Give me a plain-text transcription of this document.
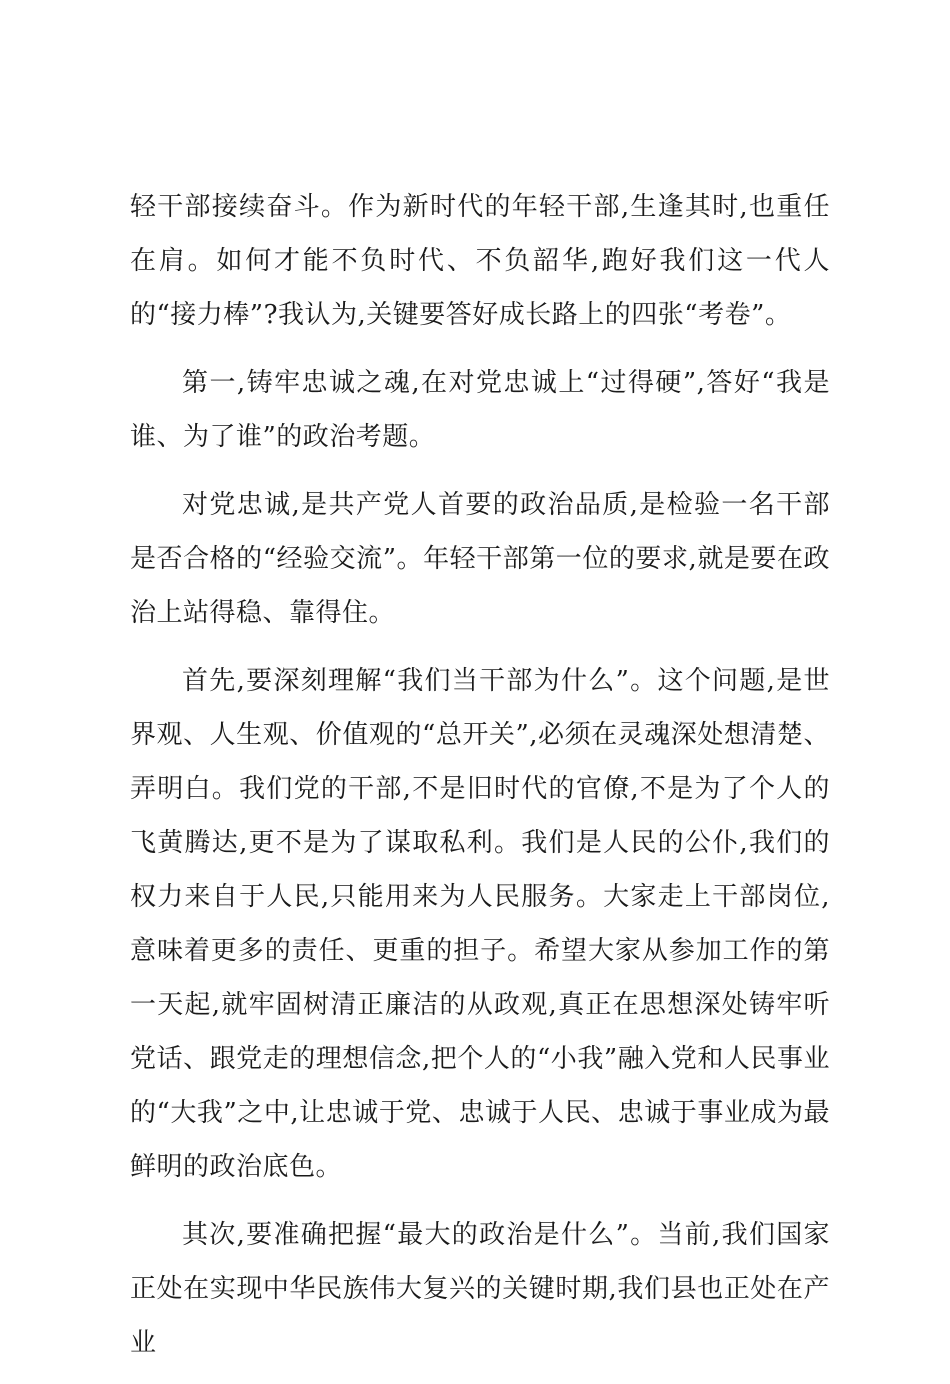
轻干部接续奋斗。作为新时代的年轻干部,生逢其时,也重任在肩。如何才能不负时代、不负韶华,跑好我们这一代人的“接力棒”?我认为,关键要答好成长路上的四张“考卷”。

第一,铸牢忠诚之魂,在对党忠诚上“过得硬”,答好“我是谁、为了谁”的政治考题。

对党忠诚,是共产党人首要的政治品质,是检验一名干部是否合格的“经验交流”。年轻干部第一位的要求,就是要在政治上站得稳、靠得住。

首先,要深刻理解“我们当干部为什么”。这个问题,是世界观、人生观、价值观的“总开关”,必须在灵魂深处想清楚、弄明白。我们党的干部,不是旧时代的官僚,不是为了个人的飞黄腾达,更不是为了谋取私利。我们是人民的公仆,我们的权力来自于人民,只能用来为人民服务。大家走上干部岗位,意味着更多的责任、更重的担子。希望大家从参加工作的第一天起,就牢固树清正廉洁的从政观,真正在思想深处铸牢听党话、跟党走的理想信念,把个人的“小我”融入党和人民事业的“大我”之中,让忠诚于党、忠诚于人民、忠诚于事业成为最鲜明的政治底色。

其次,要准确把握“最大的政治是什么”。当前,我们国家正处在实现中华民族伟大复兴的关键时期,我们县也正处在产业
